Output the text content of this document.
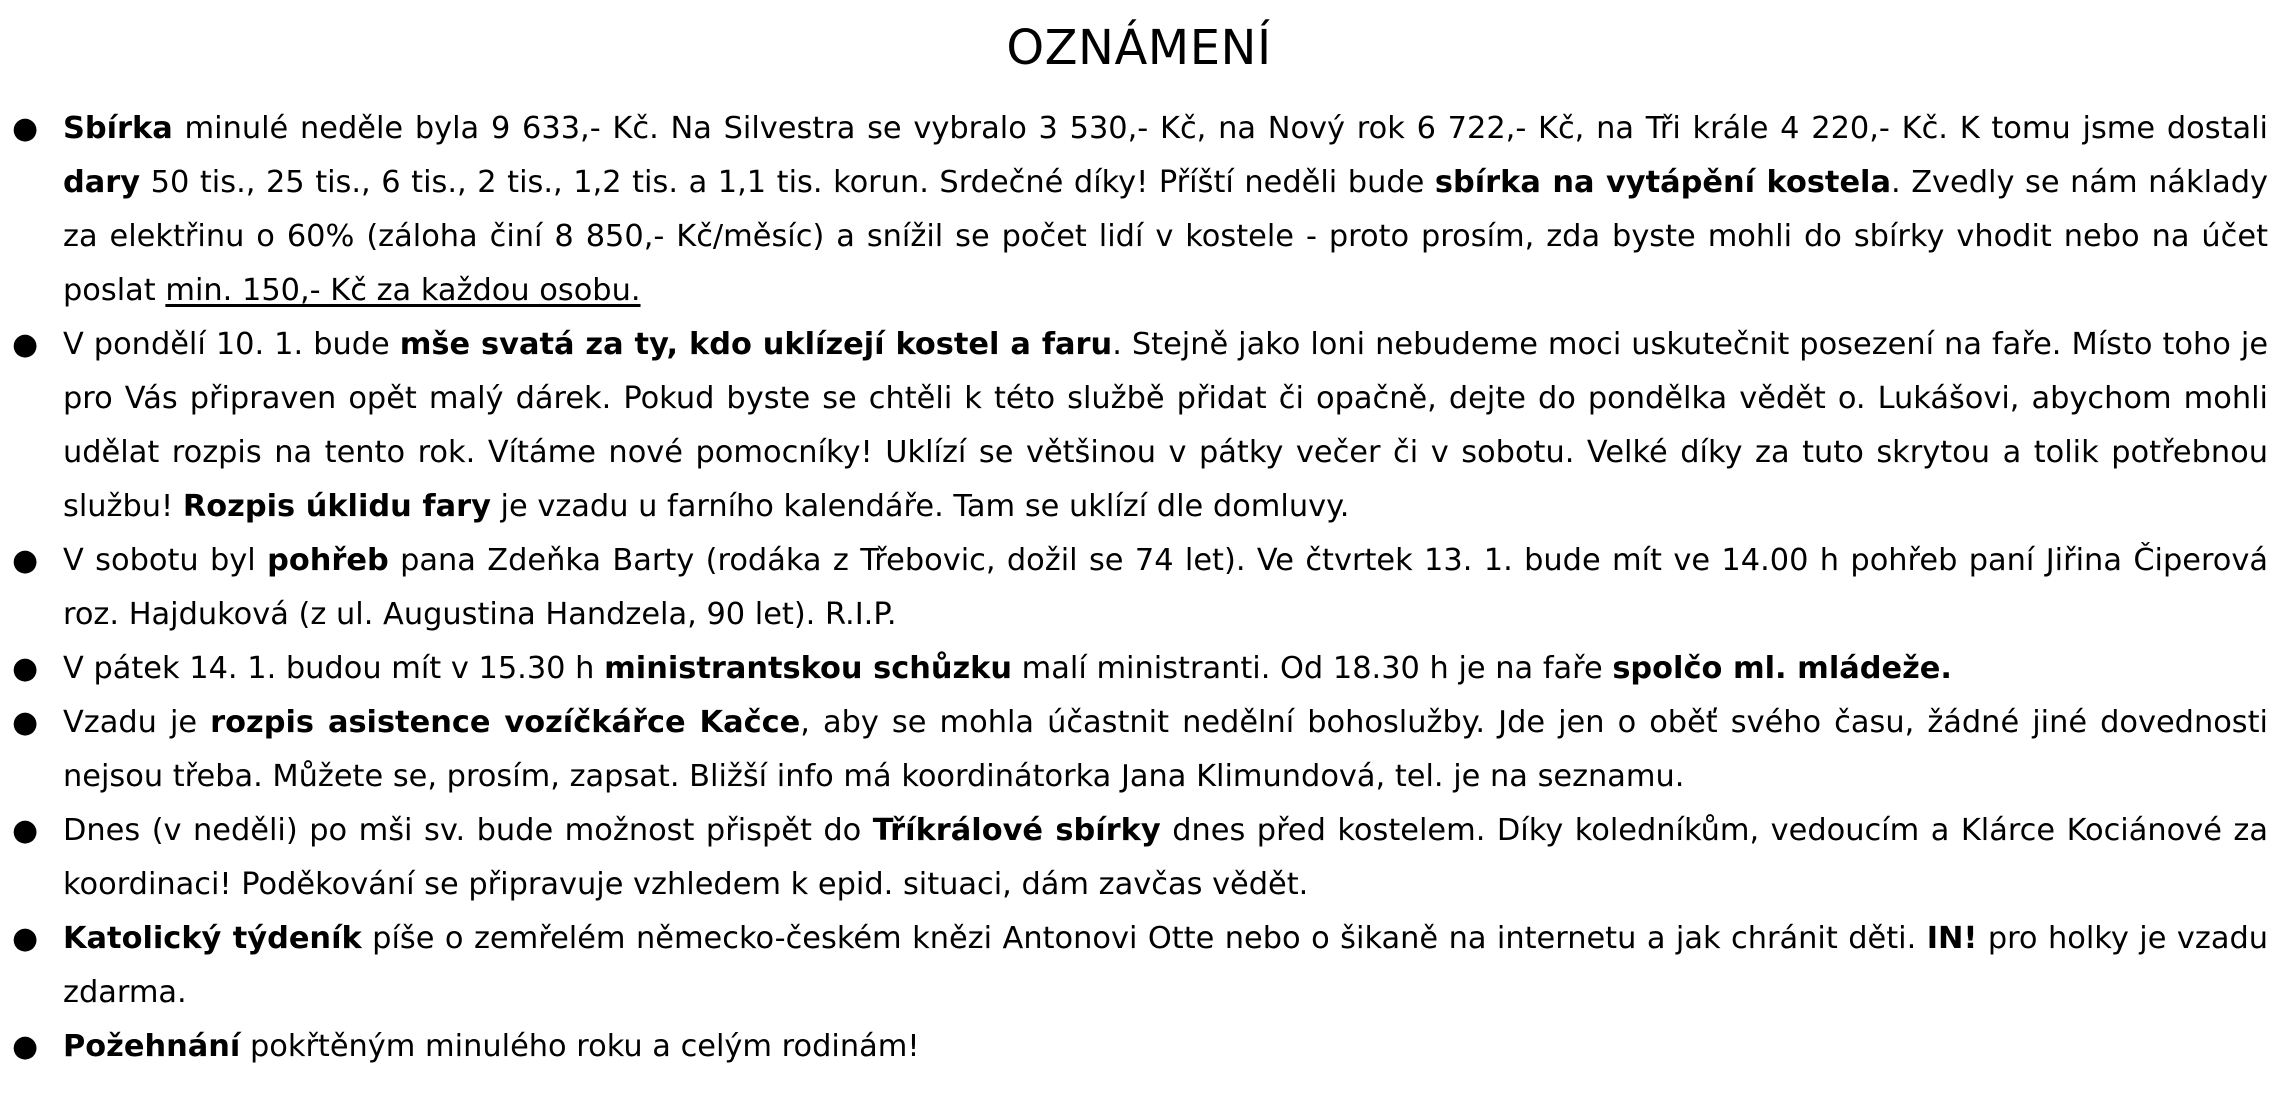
OZNÁMENÍ
● Sbírka minulé neděle byla 9 633,- Kč. Na Silvestra se vybralo 3 530,- Kč, na Nový rok 6 722,- Kč, na Tři krále 4 220,- Kč. K tomu jsme dostali dary 50 tis., 25 tis., 6 tis., 2 tis., 1,2 tis. a 1,1 tis. korun. Srdečné díky! Příští neděli bude sbírka na vytápění kostela. Zvedly se nám náklady za elektřinu o 60% (záloha činí 8 850,- Kč/měsíc) a snížil se počet lidí v kostele - proto prosím, zda byste mohli do sbírky vhodit nebo na účet poslat min. 150,- Kč za každou osobu.
● V pondělí 10. 1. bude mše svatá za ty, kdo uklízejí kostel a faru. Stejně jako loni nebudeme moci uskutečnit posezení na faře. Místo toho je pro Vás připraven opět malý dárek. Pokud byste se chtěli k této službě přidat či opačně, dejte do pondělka vědět o. Lukášovi, abychom mohli udělat rozpis na tento rok. Vítáme nové pomocníky! Uklízí se většinou v pátky večer či v sobotu. Velké díky za tuto skrytou a tolik potřebnou službu! Rozpis úklidu fary je vzadu u farního kalendáře. Tam se uklízí dle domluvy.
● V sobotu byl pohřeb pana Zdeňka Barty (rodáka z Třebovic, dožil se 74 let). Ve čtvrtek 13. 1. bude mít ve 14.00 h pohřeb paní Jiřina Čiperová roz. Hajduková (z ul. Augustina Handzela, 90 let). R.I.P.
● V pátek 14. 1. budou mít v 15.30 h ministrantskou schůzku malí ministranti. Od 18.30 h je na faře spolčo ml. mládeže.
● Vzadu je rozpis asistence vozíčkářce Kačce, aby se mohla účastnit nedělní bohoslužby. Jde jen o oběť svého času, žádné jiné dovednosti nejsou třeba. Můžete se, prosím, zapsat. Bližší info má koordinátorka Jana Klimundová, tel. je na seznamu.
● Dnes (v neděli) po mši sv. bude možnost přispět do Tříkrálové sbírky dnes před kostelem. Díky koledníkům, vedoucím a Klárce Kociánové za koordinaci! Poděkování se připravuje vzhledem k epid. situaci, dám zavčas vědět.
● Katolický týdeník píše o zemřelém německo-českém knězi Antonovi Otte nebo o šikaně na internetu a jak chránit děti. IN! pro holky je vzadu zdarma.
● Požehnání pokřtěným minulého roku a celým rodinám!
